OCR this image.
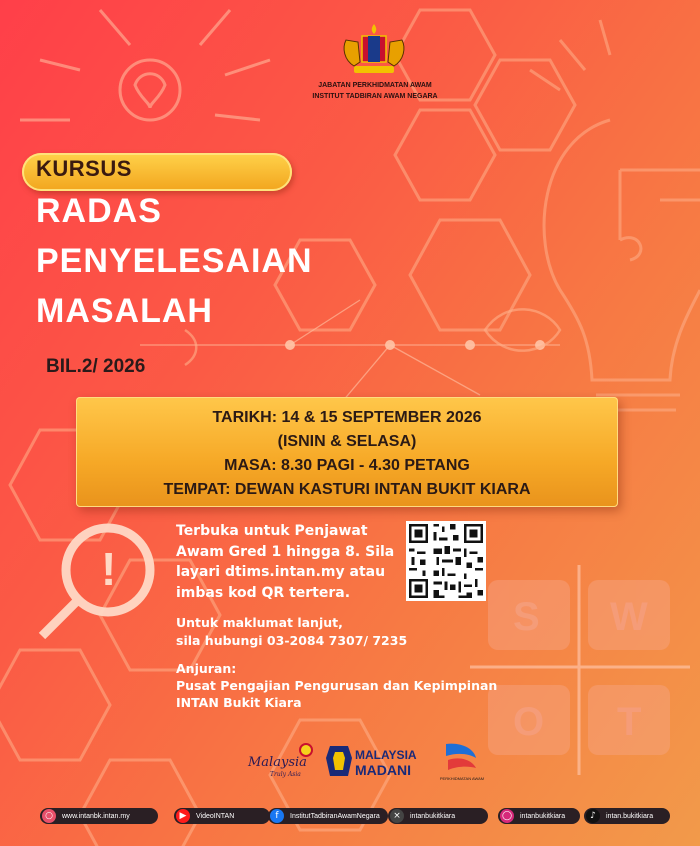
!
S W
O T
JABATAN PERKHIDMATAN AWAM
INSTITUT TADBIRAN AWAM NEGARA
KURSUS
RADAS
PENYELESAIAN
MASALAH
BIL.2/ 2026
TARIKH: 14 & 15 SEPTEMBER 2026
(ISNIN & SELASA)
MASA: 8.30 PAGI - 4.30 PETANG
TEMPAT: DEWAN KASTURI INTAN BUKIT KIARA
Terbuka untuk Penjawat
Awam Gred 1 hingga 8. Sila
layari dtims.intan.my atau
imbas kod QR tertera.
Untuk maklumat lanjut,
sila hubungi 03-2084 7307/ 7235
Anjuran:
Pusat Pengajian Pengurusan dan Kepimpinan
INTAN Bukit Kiara
Malaysia
Truly Asia
MALAYSIA
MADANI
PERKHIDMATAN AWAM
○	www.intanbk.intan.my	▶	VideoINTAN	f	InstitutTadbiranAwamNegara	×	intanbukitkiara	◯ intanbukitkiara	♪	intan.bukitkiara
